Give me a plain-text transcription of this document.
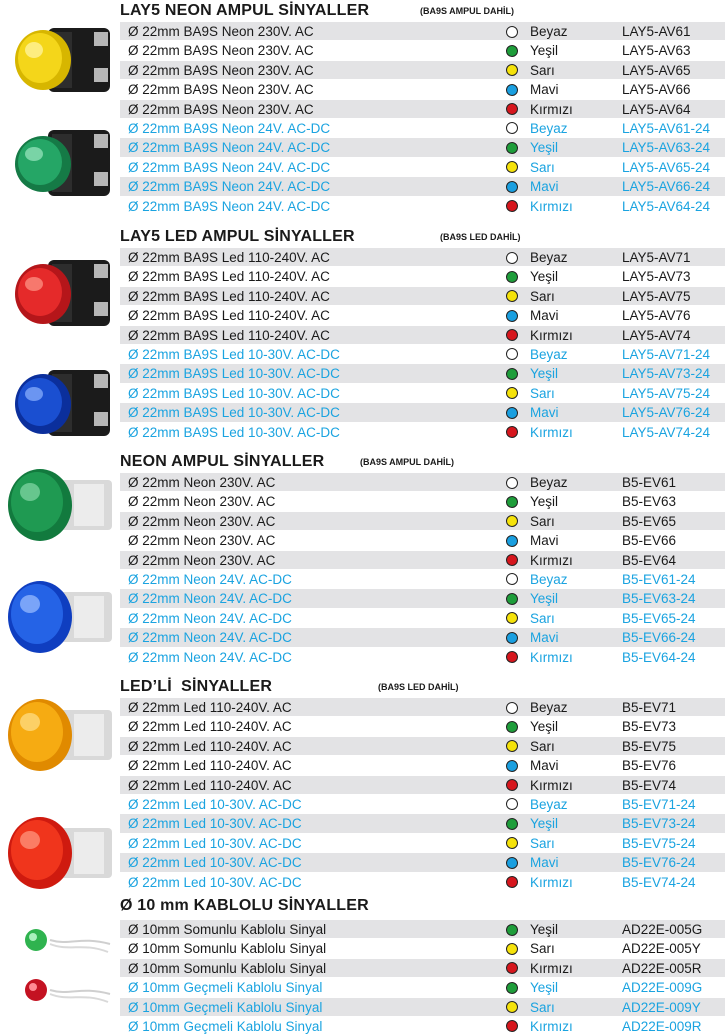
LAY5 NEON AMPUL SİNYALLER	(BA9S AMPUL DAHİL)
Ø 22mm BA9S Neon 230V. AC	Beyaz	LAY5-AV61
Ø 22mm BA9S Neon 230V. AC	Yeşil	LAY5-AV63
Ø 22mm BA9S Neon 230V. AC	Sarı	LAY5-AV65
Ø 22mm BA9S Neon 230V. AC	Mavi	LAY5-AV66
Ø 22mm BA9S Neon 230V. AC	Kırmızı	LAY5-AV64
Ø 22mm BA9S Neon 24V. AC-DC	Beyaz	LAY5-AV61-24
Ø 22mm BA9S Neon 24V. AC-DC	Yeşil	LAY5-AV63-24
Ø 22mm BA9S Neon 24V. AC-DC	Sarı	LAY5-AV65-24
Ø 22mm BA9S Neon 24V. AC-DC	Mavi	LAY5-AV66-24
Ø 22mm BA9S Neon 24V. AC-DC	Kırmızı	LAY5-AV64-24
LAY5 LED AMPUL SİNYALLER	(BA9S LED DAHİL)
Ø 22mm BA9S Led 110-240V. AC	Beyaz	LAY5-AV71
Ø 22mm BA9S Led 110-240V. AC	Yeşil	LAY5-AV73
Ø 22mm BA9S Led 110-240V. AC	Sarı	LAY5-AV75
Ø 22mm BA9S Led 110-240V. AC	Mavi	LAY5-AV76
Ø 22mm BA9S Led 110-240V. AC	Kırmızı	LAY5-AV74
Ø 22mm BA9S Led 10-30V. AC-DC	Beyaz	LAY5-AV71-24
Ø 22mm BA9S Led 10-30V. AC-DC	Yeşil	LAY5-AV73-24
Ø 22mm BA9S Led 10-30V. AC-DC	Sarı	LAY5-AV75-24
Ø 22mm BA9S Led 10-30V. AC-DC	Mavi	LAY5-AV76-24
Ø 22mm BA9S Led 10-30V. AC-DC	Kırmızı	LAY5-AV74-24
NEON AMPUL SİNYALLER	(BA9S AMPUL DAHİL)
Ø 22mm Neon 230V. AC	Beyaz	B5-EV61
Ø 22mm Neon 230V. AC	Yeşil	B5-EV63
Ø 22mm Neon 230V. AC	Sarı	B5-EV65
Ø 22mm Neon 230V. AC	Mavi	B5-EV66
Ø 22mm Neon 230V. AC	Kırmızı	B5-EV64
Ø 22mm Neon 24V. AC-DC	Beyaz	B5-EV61-24
Ø 22mm Neon 24V. AC-DC	Yeşil	B5-EV63-24
Ø 22mm Neon 24V. AC-DC	Sarı	B5-EV65-24
Ø 22mm Neon 24V. AC-DC	Mavi	B5-EV66-24
Ø 22mm Neon 24V. AC-DC	Kırmızı	B5-EV64-24
LED’Lİ  SİNYALLER	(BA9S LED DAHİL)
Ø 22mm Led 110-240V. AC	Beyaz	B5-EV71
Ø 22mm Led 110-240V. AC	Yeşil	B5-EV73
Ø 22mm Led 110-240V. AC	Sarı	B5-EV75
Ø 22mm Led 110-240V. AC	Mavi	B5-EV76
Ø 22mm Led 110-240V. AC	Kırmızı	B5-EV74
Ø 22mm Led 10-30V. AC-DC	Beyaz	B5-EV71-24
Ø 22mm Led 10-30V. AC-DC	Yeşil	B5-EV73-24
Ø 22mm Led 10-30V. AC-DC	Sarı	B5-EV75-24
Ø 22mm Led 10-30V. AC-DC	Mavi	B5-EV76-24
Ø 22mm Led 10-30V. AC-DC	Kırmızı	B5-EV74-24
Ø 10 mm KABLOLU SİNYALLER
Ø 10mm Somunlu Kablolu Sinyal	Yeşil	AD22E-005G
Ø 10mm Somunlu Kablolu Sinyal	Sarı	AD22E-005Y
Ø 10mm Somunlu Kablolu Sinyal	Kırmızı	AD22E-005R
Ø 10mm Geçmeli Kablolu Sinyal	Yeşil	AD22E-009G
Ø 10mm Geçmeli Kablolu Sinyal	Sarı	AD22E-009Y
Ø 10mm Geçmeli Kablolu Sinyal	Kırmızı	AD22E-009R
